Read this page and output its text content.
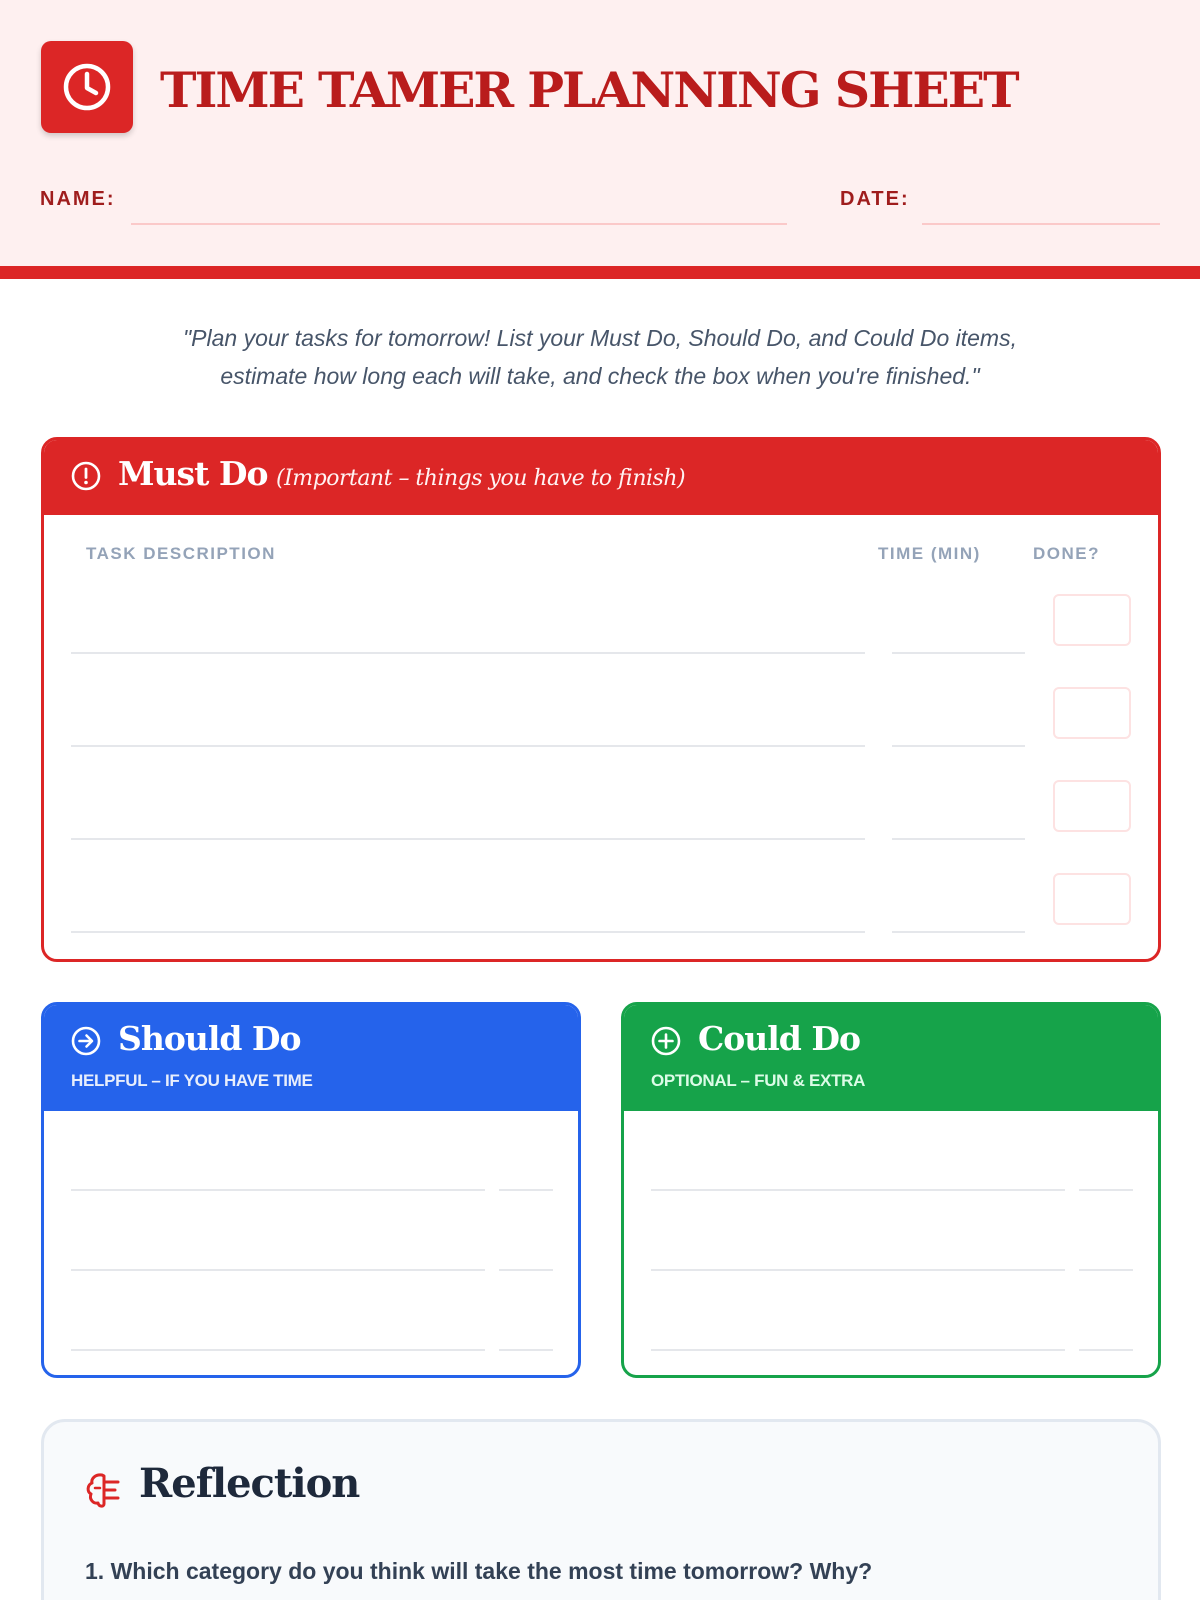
TIME TAMER PLANNING SHEET
NAME:	DATE:
"Plan your tasks for tomorrow! List your Must Do, Should Do, and Could Do items,
estimate how long each will take, and check the box when you're finished."
Must Do (Important – things you have to finish)
TASK DESCRIPTION	TIME (MIN)	DONE?
Should Do
HELPFUL – IF YOU HAVE TIME
Could Do
OPTIONAL – FUN & EXTRA
Reflection
1. Which category do you think will take the most time tomorrow? Why?
